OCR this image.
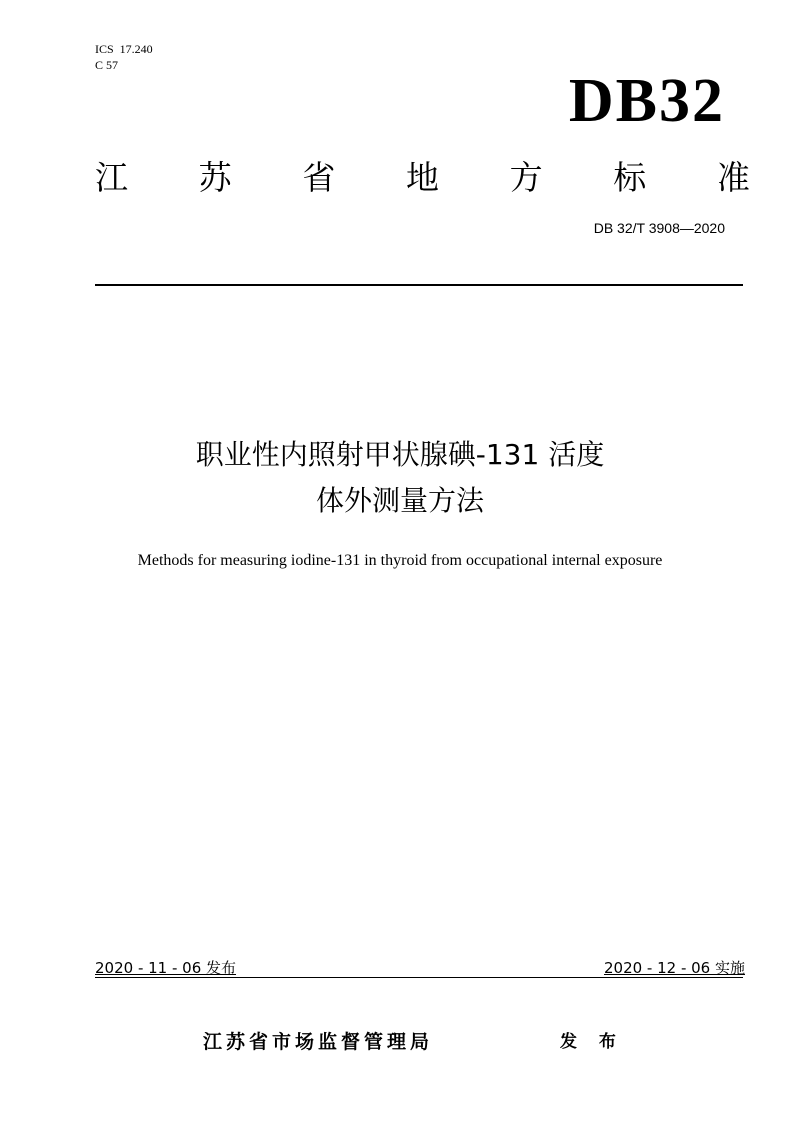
ICS  17.240
C 57
DB32
江 苏 省 地 方 标 准
DB 32/T 3908—2020
职业性内照射甲状腺碘-131 活度
体外测量方法
Methods for measuring iodine-131 in thyroid from occupational internal exposure
2020 - 11 - 06 发布	2020 - 12 - 06 实施
江苏省市场监督管理局	发 布
